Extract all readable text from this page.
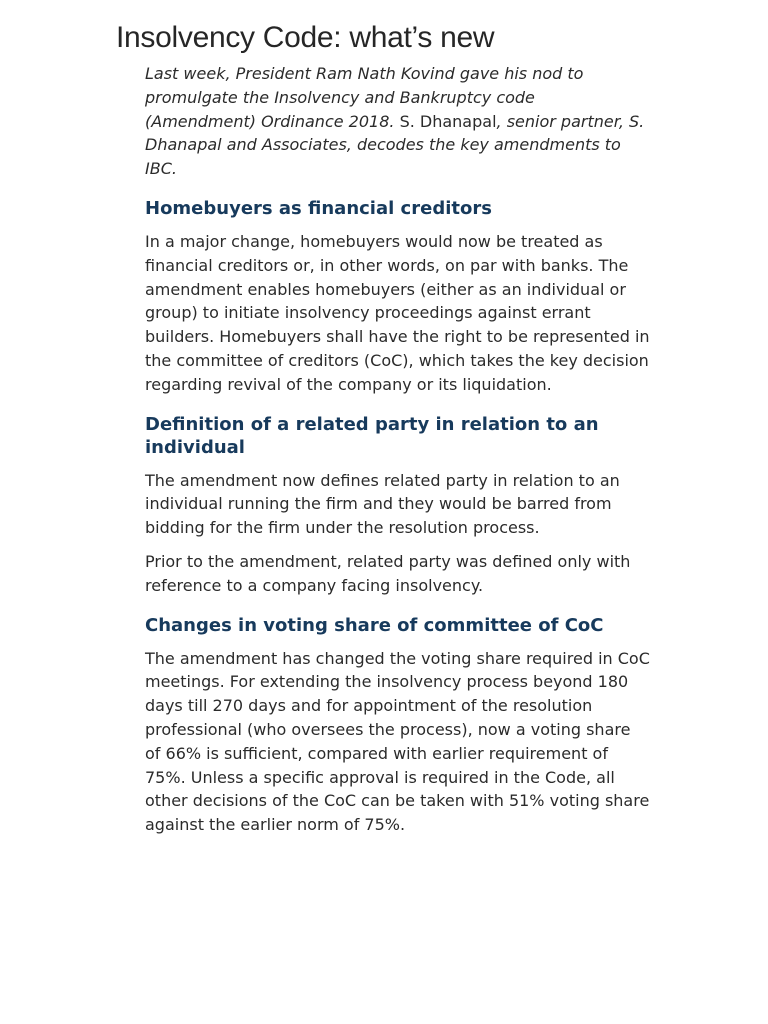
Insolvency Code: what’s new

Last week, President Ram Nath Kovind gave his nod to promulgate the Insolvency and Bankruptcy code (Amendment) Ordinance 2018. S. Dhanapal, senior partner, S. Dhanapal and Associates, decodes the key amendments to IBC.

Homebuyers as financial creditors

In a major change, homebuyers would now be treated as financial creditors or, in other words, on par with banks. The amendment enables homebuyers (either as an individual or group) to initiate insolvency proceedings against errant builders. Homebuyers shall have the right to be represented in the committee of creditors (CoC), which takes the key decision regarding revival of the company or its liquidation.

Definition of a related party in relation to an individual

The amendment now defines related party in relation to an individual running the firm and they would be barred from bidding for the firm under the resolution process.

Prior to the amendment, related party was defined only with reference to a company facing insolvency.

Changes in voting share of committee of CoC

The amendment has changed the voting share required in CoC meetings. For extending the insolvency process beyond 180 days till 270 days and for appointment of the resolution professional (who oversees the process), now a voting share of 66% is sufficient, compared with earlier requirement of 75%. Unless a specific approval is required in the Code, all other decisions of the CoC can be taken with 51% voting share against the earlier norm of 75%.
